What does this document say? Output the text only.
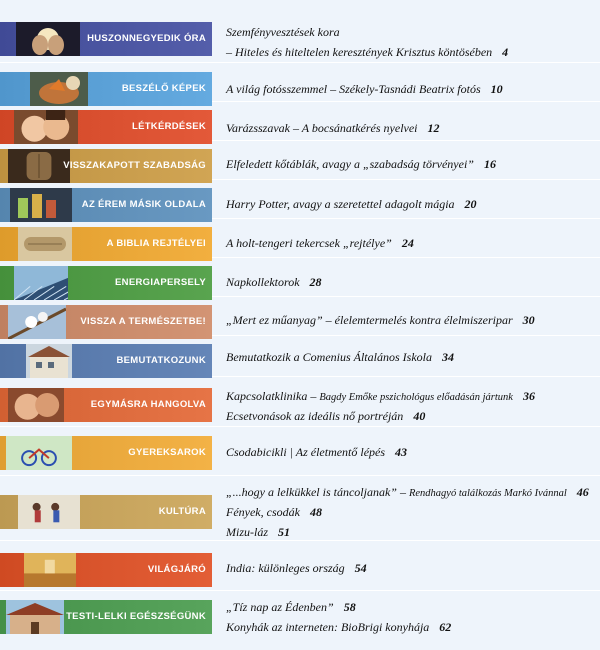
HUSZONNEGYEDIK ÓRA Szemfényvesztések kora
– Hiteles és hiteltelen keresztények Krisztus köntösében 4
BESZÉLŐ KÉPEK A világ fotósszemmel – Székely-Tasnádi Beatrix fotós 10
LÉTKÉRDÉSEK Varázsszavak – A bocsánatkérés nyelvei 12
VISSZAKAPOTT SZABADSÁG Elfeledett kőtáblák, avagy a „szabadság törvényei” 16
AZ ÉREM MÁSIK OLDALA Harry Potter, avagy a szeretettel adagolt mágia 20
A BIBLIA REJTÉLYEI A holt-tengeri tekercsek „rejtélye” 24
ENERGIAPERSELY Napkollektorok 28
VISSZA A TERMÉSZETBE! „Mert ez műanyag” – élelemtermelés kontra élelmiszeripar 30
BEMUTATKOZUNK Bemutatkozik a Comenius Általános Iskola 34
EGYMÁSRA HANGOLVA
Kapcsolatklinika – Bagdy Emőke pszichológus előadásán jártunk 36
Ecsetvonások az ideális nő portréján 40
GYEREKSAROK Csodabicikli | Az életmentő lépés 43
KULTÚRA
„...hogy a lelkükkel is táncoljanak” – Rendhagyó találkozás Markó Ivánnal 46
Fények, csodák 48
Mizu-láz 51
VILÁGJÁRÓ India: különleges ország 54
TESTI-LELKI EGÉSZSÉGÜNK
„Tíz nap az Édenben” 58
Konyhák az interneten: BioBrigi konyhája 62
